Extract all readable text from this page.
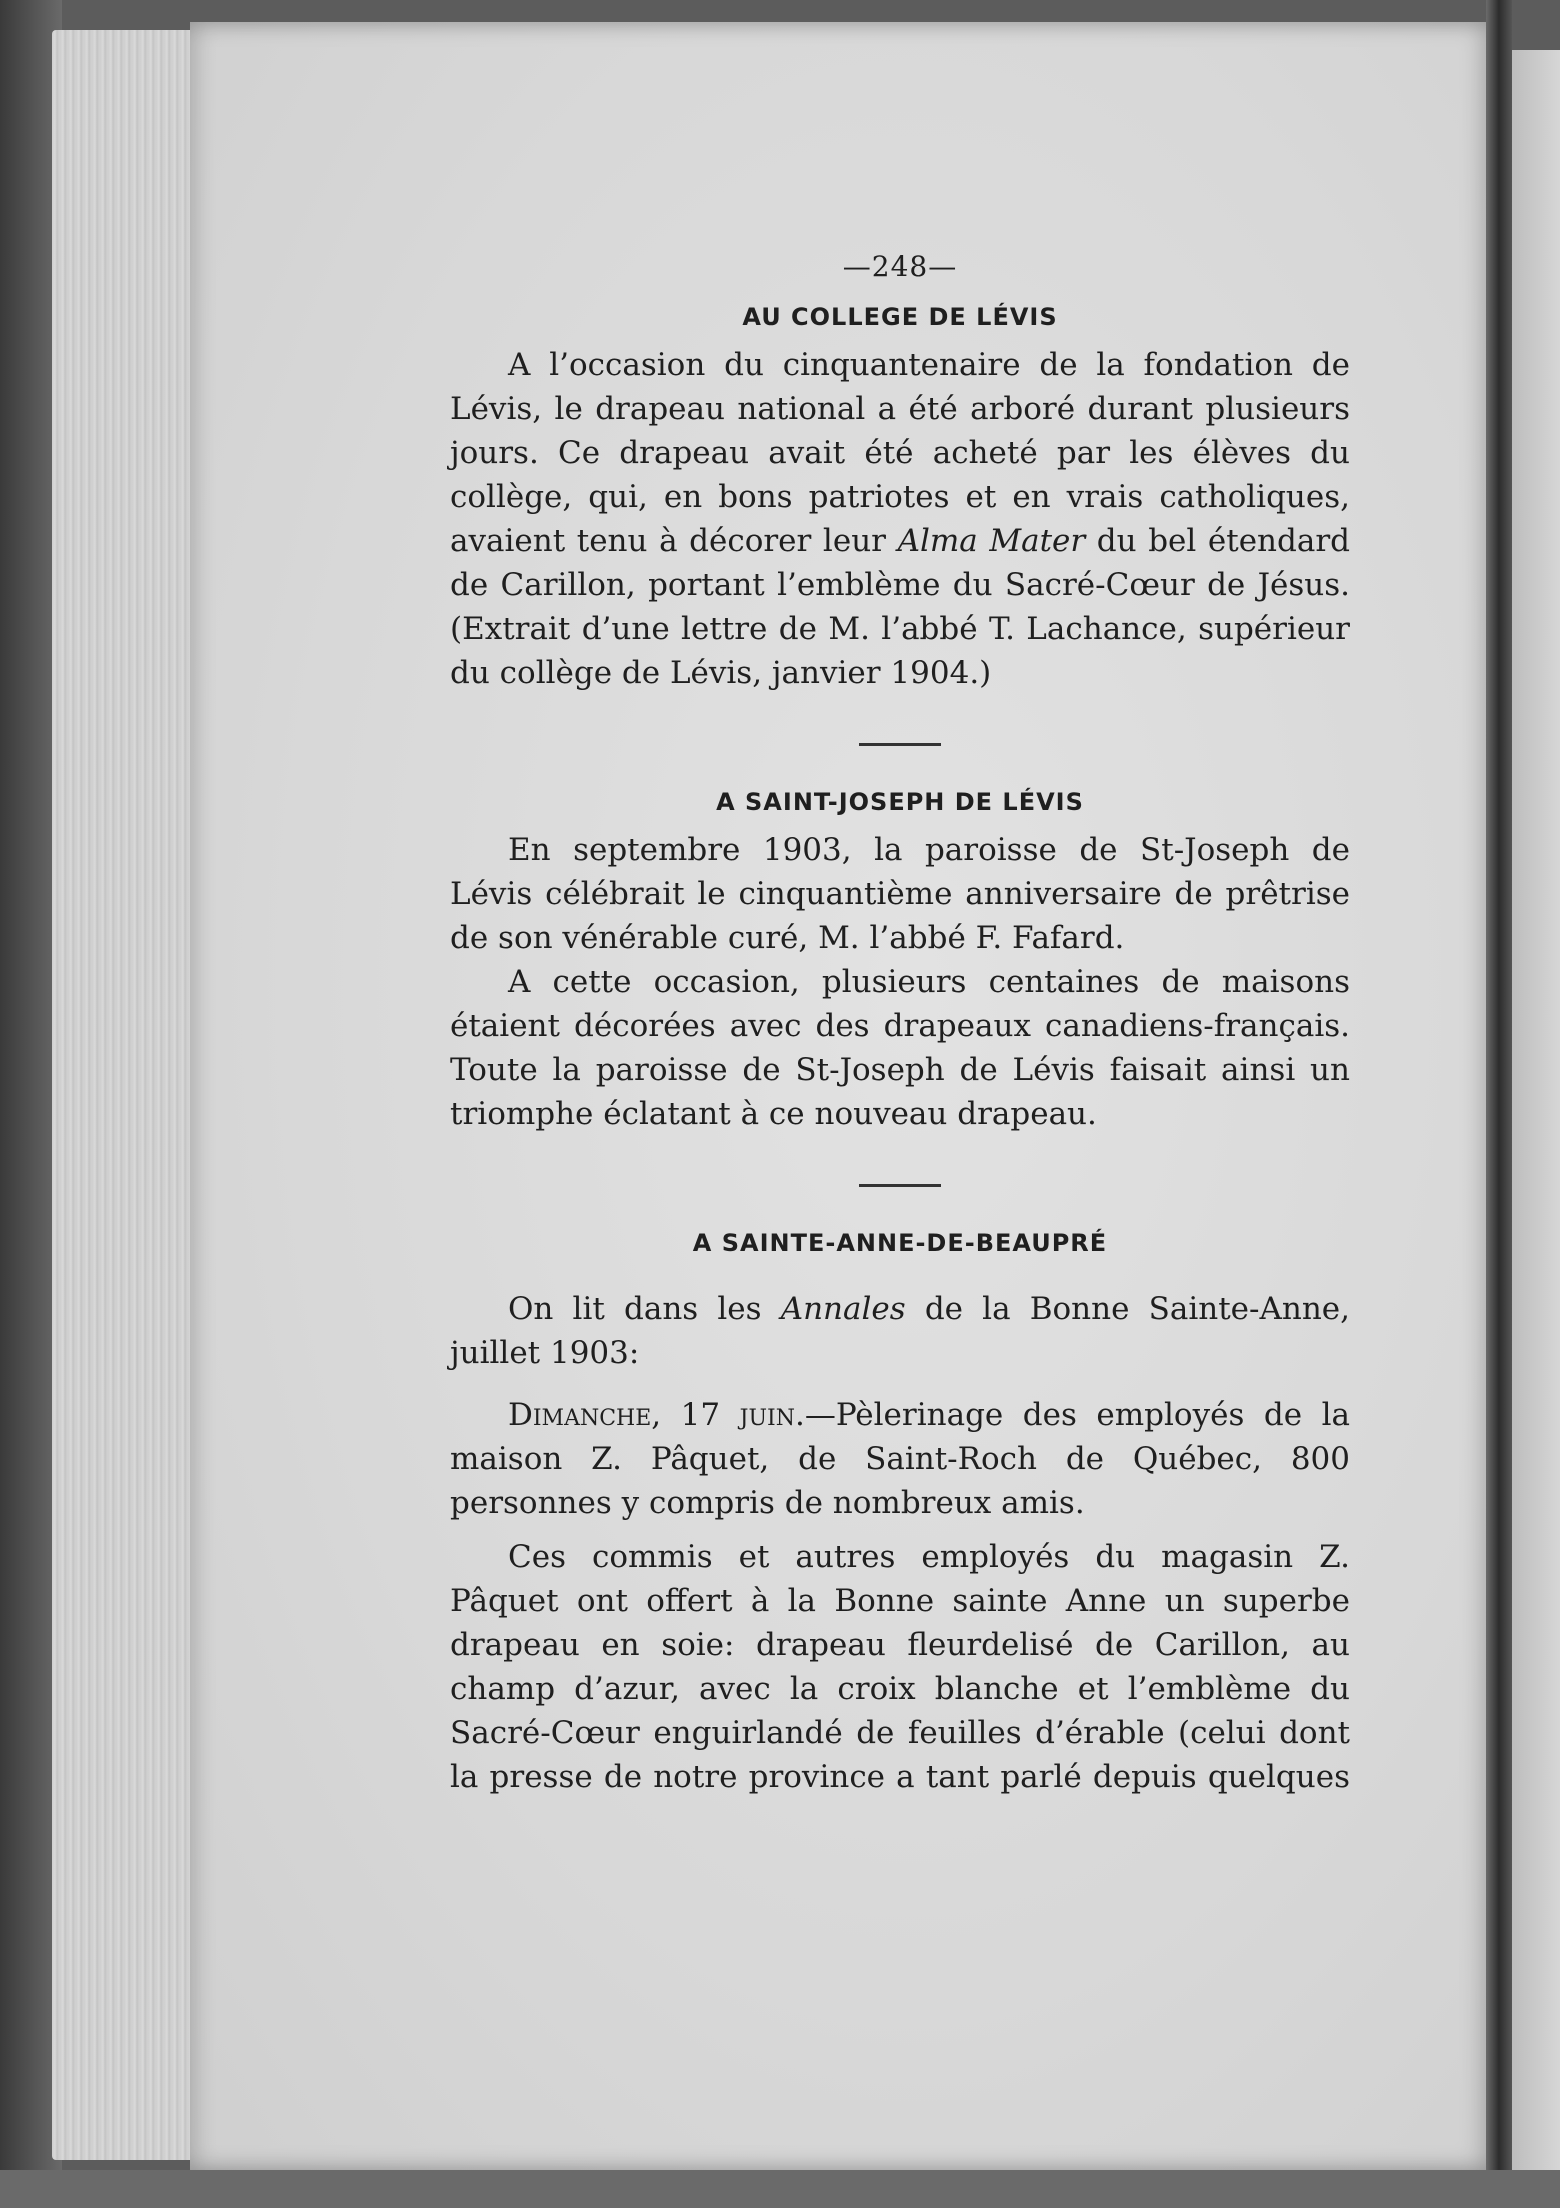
—248—
AU COLLEGE DE LÉVIS

A l’occasion du cinquantenaire de la fondation de Lévis, le drapeau national a été arboré durant plusieurs jours. Ce drapeau avait été acheté par les élèves du collège, qui, en bons patriotes et en vrais catholiques, avaient tenu à décorer leur Alma Mater du bel étendard de Carillon, portant l’emblème du Sacré-Cœur de Jésus. (Extrait d’une lettre de M. l’abbé T. Lachance, supérieur du collège de Lévis, janvier 1904.)

A SAINT-JOSEPH DE LÉVIS

En septembre 1903, la paroisse de St-Joseph de Lévis célébrait le cinquantième anniversaire de prêtrise de son vénérable curé, M. l’abbé F. Fafard.

A cette occasion, plusieurs centaines de maisons étaient décorées avec des drapeaux canadiens-français. Toute la paroisse de St-Joseph de Lévis faisait ainsi un triomphe éclatant à ce nouveau drapeau.

A SAINTE-ANNE-DE-BEAUPRÉ

On lit dans les Annales de la Bonne Sainte-Anne, juillet 1903:

Dimanche, 17 juin.—Pèlerinage des employés de la maison Z. Pâquet, de Saint-Roch de Québec, 800 personnes y compris de nombreux amis.

Ces commis et autres employés du magasin Z. Pâquet ont offert à la Bonne sainte Anne un superbe drapeau en soie: drapeau fleurdelisé de Carillon, au champ d’azur, avec la croix blanche et l’emblème du Sacré-Cœur enguirlandé de feuilles d’érable (celui dont la presse de notre province a tant parlé depuis quelques
